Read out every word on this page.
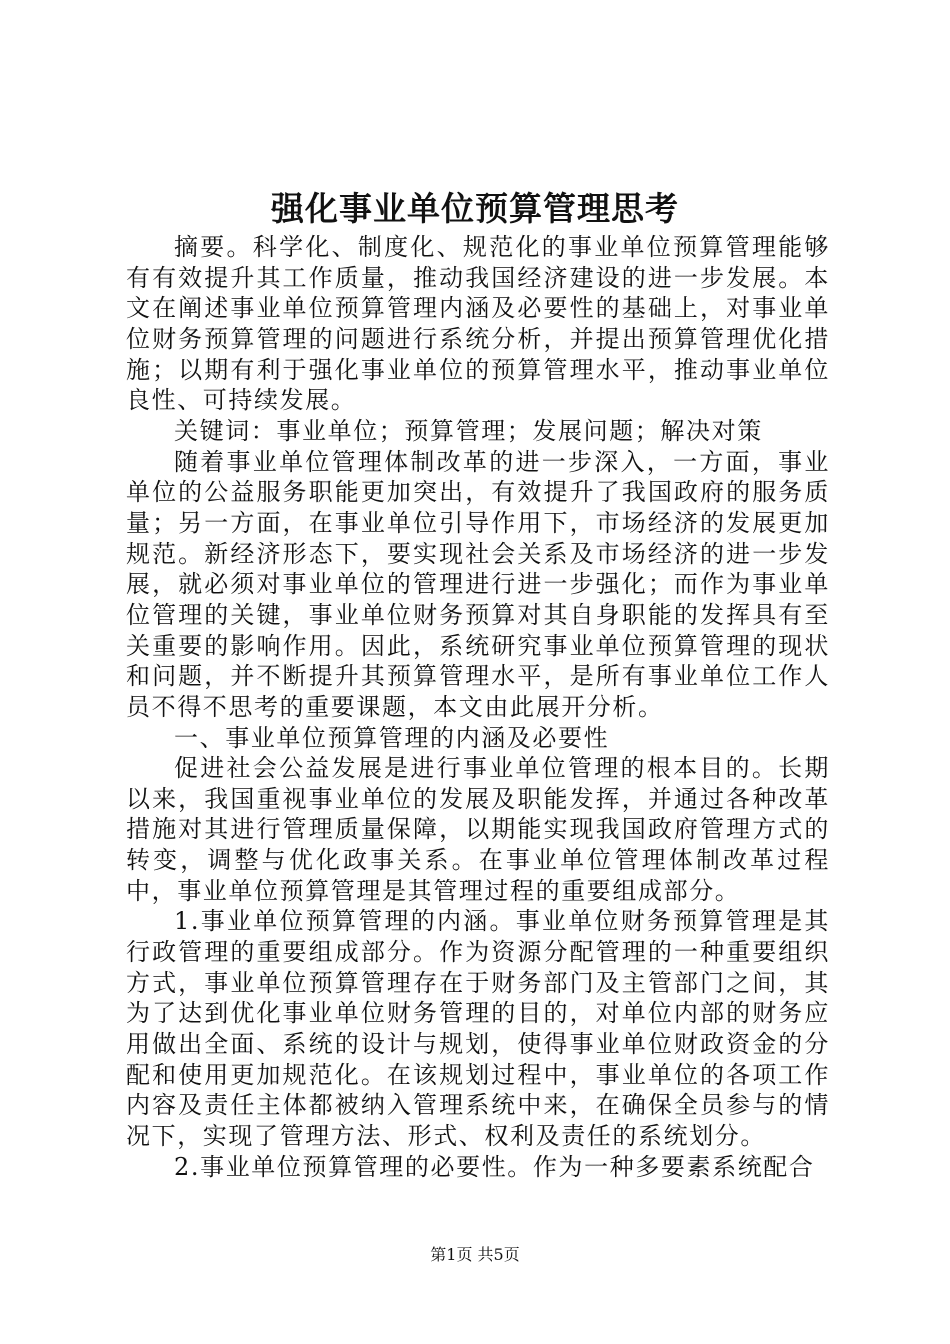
强化事业单位预算管理思考

摘要。科学化、制度化、规范化的事业单位预算管理能够有有效提升其工作质量，推动我国经济建设的进一步发展。本文在阐述事业单位预算管理内涵及必要性的基础上，对事业单位财务预算管理的问题进行系统分析，并提出预算管理优化措施；以期有利于强化事业单位的预算管理水平，推动事业单位良性、可持续发展。

关键词：事业单位；预算管理；发展问题；解决对策

随着事业单位管理体制改革的进一步深入，一方面，事业单位的公益服务职能更加突出，有效提升了我国政府的服务质量；另一方面，在事业单位引导作用下，市场经济的发展更加规范。新经济形态下，要实现社会关系及市场经济的进一步发展，就必须对事业单位的管理进行进一步强化；而作为事业单位管理的关键，事业单位财务预算对其自身职能的发挥具有至关重要的影响作用。因此，系统研究事业单位预算管理的现状和问题，并不断提升其预算管理水平，是所有事业单位工作人员不得不思考的重要课题，本文由此展开分析。

一、事业单位预算管理的内涵及必要性

促进社会公益发展是进行事业单位管理的根本目的。长期以来，我国重视事业单位的发展及职能发挥，并通过各种改革措施对其进行管理质量保障，以期能实现我国政府管理方式的转变，调整与优化政事关系。在事业单位管理体制改革过程中，事业单位预算管理是其管理过程的重要组成部分。

1.事业单位预算管理的内涵。事业单位财务预算管理是其行政管理的重要组成部分。作为资源分配管理的一种重要组织方式，事业单位预算管理存在于财务部门及主管部门之间，其为了达到优化事业单位财务管理的目的，对单位内部的财务应用做出全面、系统的设计与规划，使得事业单位财政资金的分配和使用更加规范化。在该规划过程中，事业单位的各项工作内容及责任主体都被纳入管理系统中来，在确保全员参与的情况下，实现了管理方法、形式、权利及责任的系统划分。

2.事业单位预算管理的必要性。作为一种多要素系统配合

第1页 共5页
